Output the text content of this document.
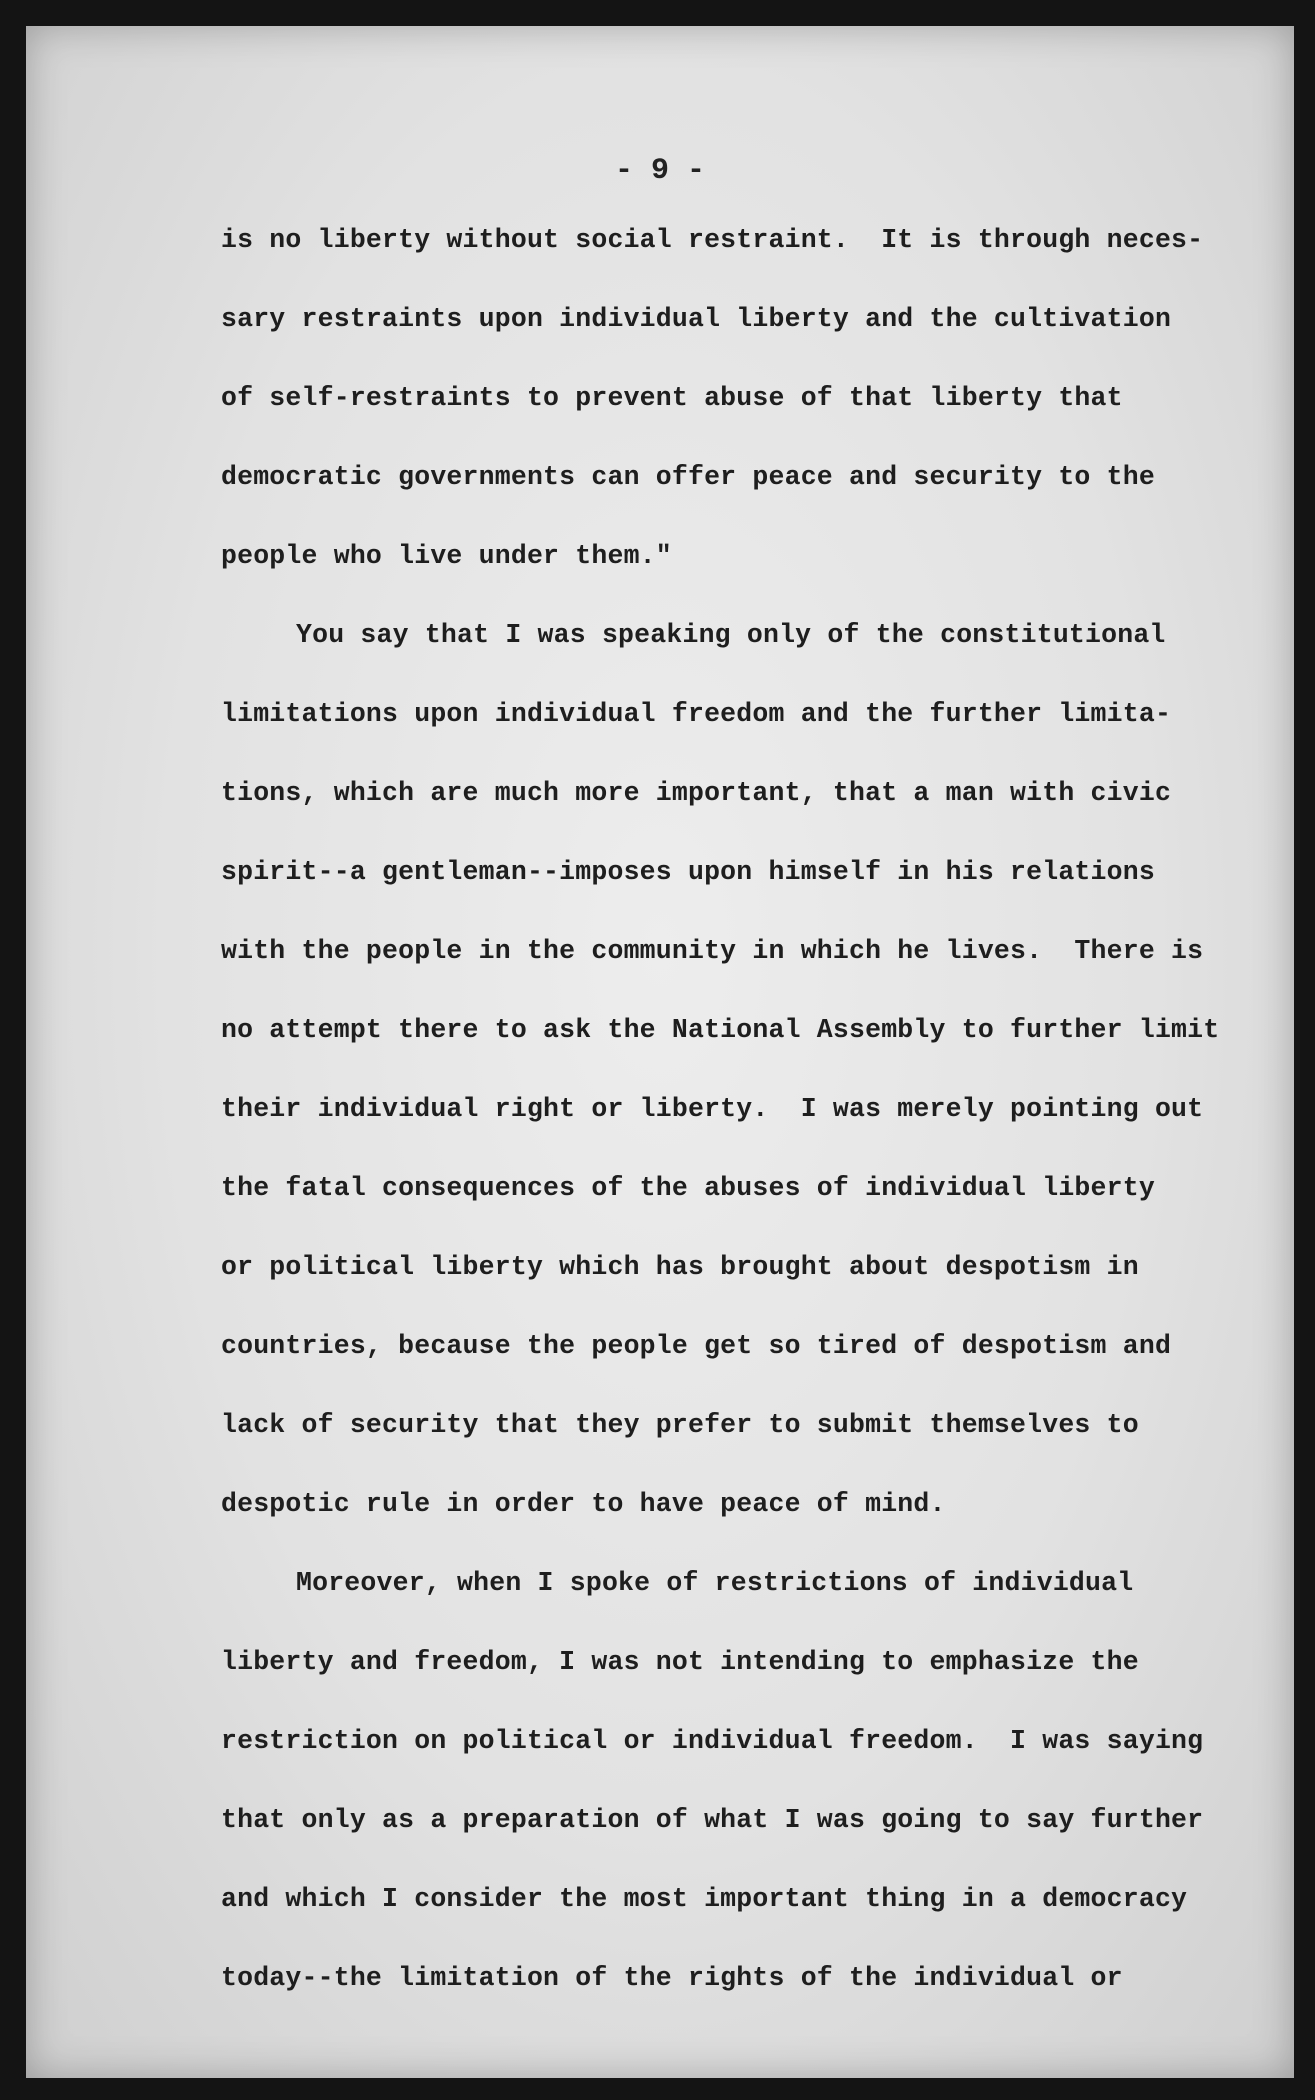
- 9 -
is no liberty without social restraint.  It is through neces-
sary restraints upon individual liberty and the cultivation
of self-restraints to prevent abuse of that liberty that
democratic governments can offer peace and security to the
people who live under them."
You say that I was speaking only of the constitutional
limitations upon individual freedom and the further limita-
tions, which are much more important, that a man with civic
spirit--a gentleman--imposes upon himself in his relations
with the people in the community in which he lives.  There is
no attempt there to ask the National Assembly to further limit
their individual right or liberty.  I was merely pointing out
the fatal consequences of the abuses of individual liberty
or political liberty which has brought about despotism in
countries, because the people get so tired of despotism and
lack of security that they prefer to submit themselves to
despotic rule in order to have peace of mind.
Moreover, when I spoke of restrictions of individual
liberty and freedom, I was not intending to emphasize the
restriction on political or individual freedom.  I was saying
that only as a preparation of what I was going to say further
and which I consider the most important thing in a democracy
today--the limitation of the rights of the individual or
